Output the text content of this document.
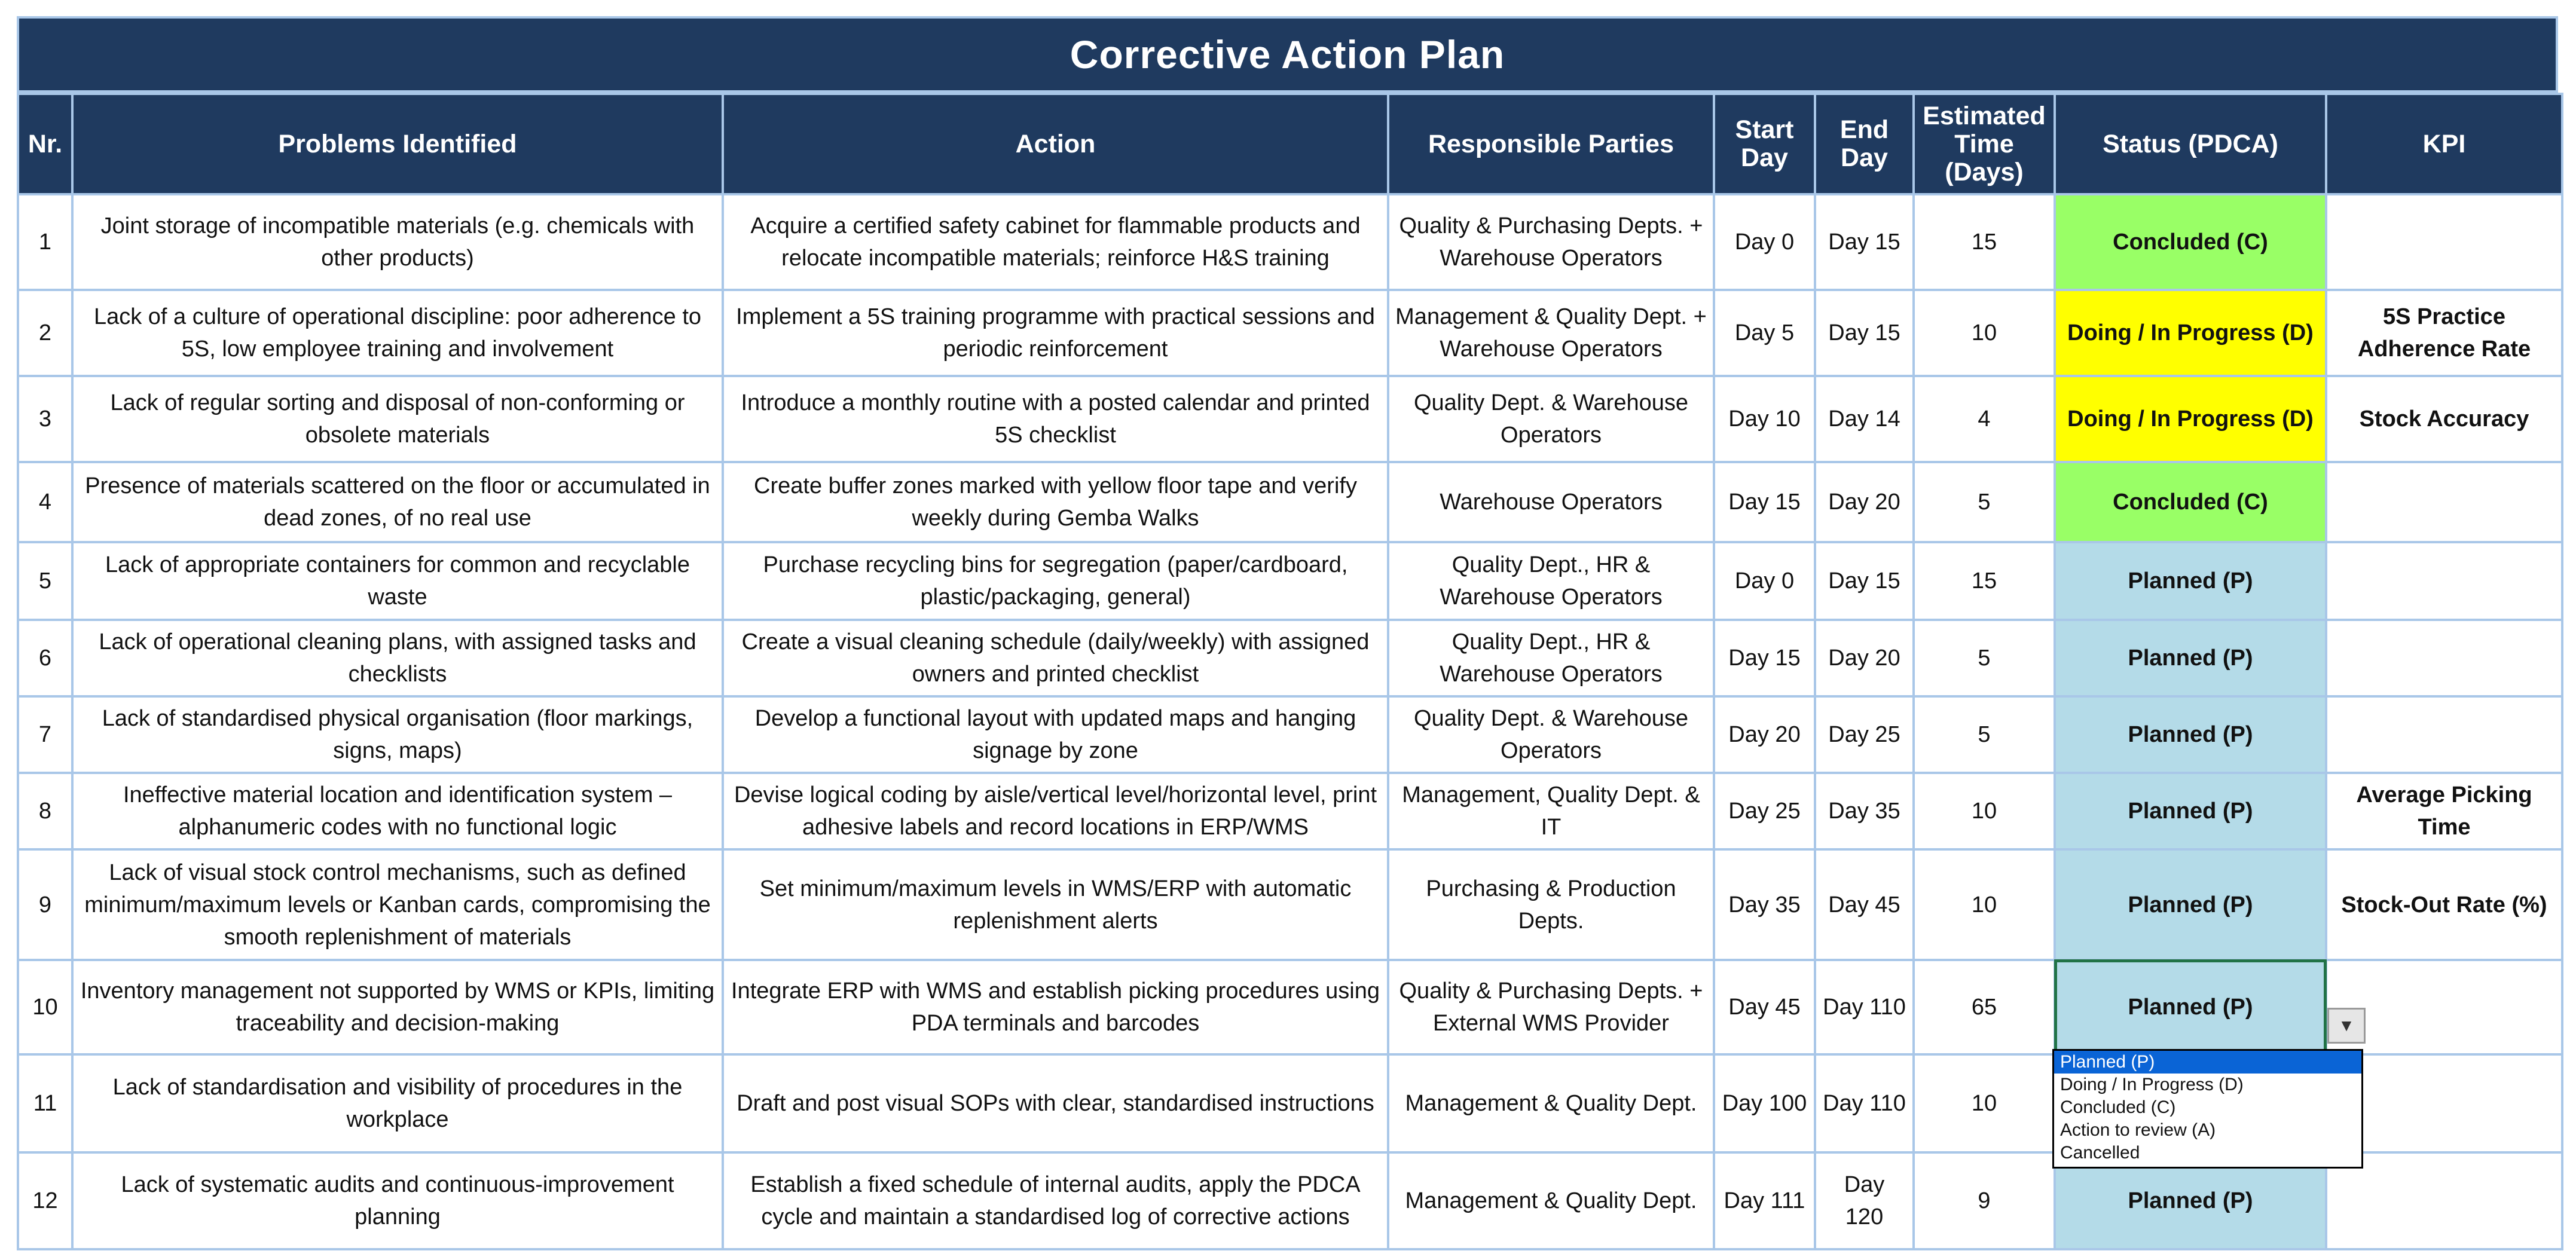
Corrective Action Plan
Nr.	Problems Identified	Action	Responsible Parties	Start Day	End Day	Estimated Time (Days)	Status (PDCA)	KPI
1	Joint storage of incompatible materials (e.g. chemicals with other products)	Acquire a certified safety cabinet for flammable products and relocate incompatible materials; reinforce H&S training	Quality & Purchasing Depts. + Warehouse Operators	Day 0	Day 15	15	Concluded (C)	
2	Lack of a culture of operational discipline: poor adherence to 5S, low employee training and involvement	Implement a 5S training programme with practical sessions and periodic reinforcement	Management & Quality Dept. + Warehouse Operators	Day 5	Day 15	10	Doing / In Progress (D)	5S Practice Adherence Rate
3	Lack of regular sorting and disposal of non-conforming or obsolete materials	Introduce a monthly routine with a posted calendar and printed 5S checklist	Quality Dept. & Warehouse Operators	Day 10	Day 14	4	Doing / In Progress (D)	Stock Accuracy
4	Presence of materials scattered on the floor or accumulated in dead zones, of no real use	Create buffer zones marked with yellow floor tape and verify weekly during Gemba Walks	Warehouse Operators	Day 15	Day 20	5	Concluded (C)	
5	Lack of appropriate containers for common and recyclable waste	Purchase recycling bins for segregation (paper/cardboard, plastic/packaging, general)	Quality Dept., HR & Warehouse Operators	Day 0	Day 15	15	Planned (P)	
6	Lack of operational cleaning plans, with assigned tasks and checklists	Create a visual cleaning schedule (daily/weekly) with assigned owners and printed checklist	Quality Dept., HR & Warehouse Operators	Day 15	Day 20	5	Planned (P)	
7	Lack of standardised physical organisation (floor markings, signs, maps)	Develop a functional layout with updated maps and hanging signage by zone	Quality Dept. & Warehouse Operators	Day 20	Day 25	5	Planned (P)	
8	Ineffective material location and identification system – alphanumeric codes with no functional logic	Devise logical coding by aisle/vertical level/horizontal level, print adhesive labels and record locations in ERP/WMS	Management, Quality Dept. & IT	Day 25	Day 35	10	Planned (P)	Average Picking Time
9	Lack of visual stock control mechanisms, such as defined minimum/maximum levels or Kanban cards, compromising the smooth replenishment of materials	Set minimum/maximum levels in WMS/ERP with automatic replenishment alerts	Purchasing & Production Depts.	Day 35	Day 45	10	Planned (P)	Stock-Out Rate (%)
10	Inventory management not supported by WMS or KPIs, limiting traceability and decision-making	Integrate ERP with WMS and establish picking procedures using PDA terminals and barcodes	Quality & Purchasing Depts. + External WMS Provider	Day 45	Day 110	65	Planned (P)	
11	Lack of standardisation and visibility of procedures in the workplace	Draft and post visual SOPs with clear, standardised instructions	Management & Quality Dept.	Day 100	Day 110	10		
12	Lack of systematic audits and continuous-improvement planning	Establish a fixed schedule of internal audits, apply the PDCA cycle and maintain a standardised log of corrective actions	Management & Quality Dept.	Day 111	Day 120	9	Planned (P)	
▼
Planned (P)
Doing / In Progress (D)
Concluded (C)
Action to review (A)
Cancelled
